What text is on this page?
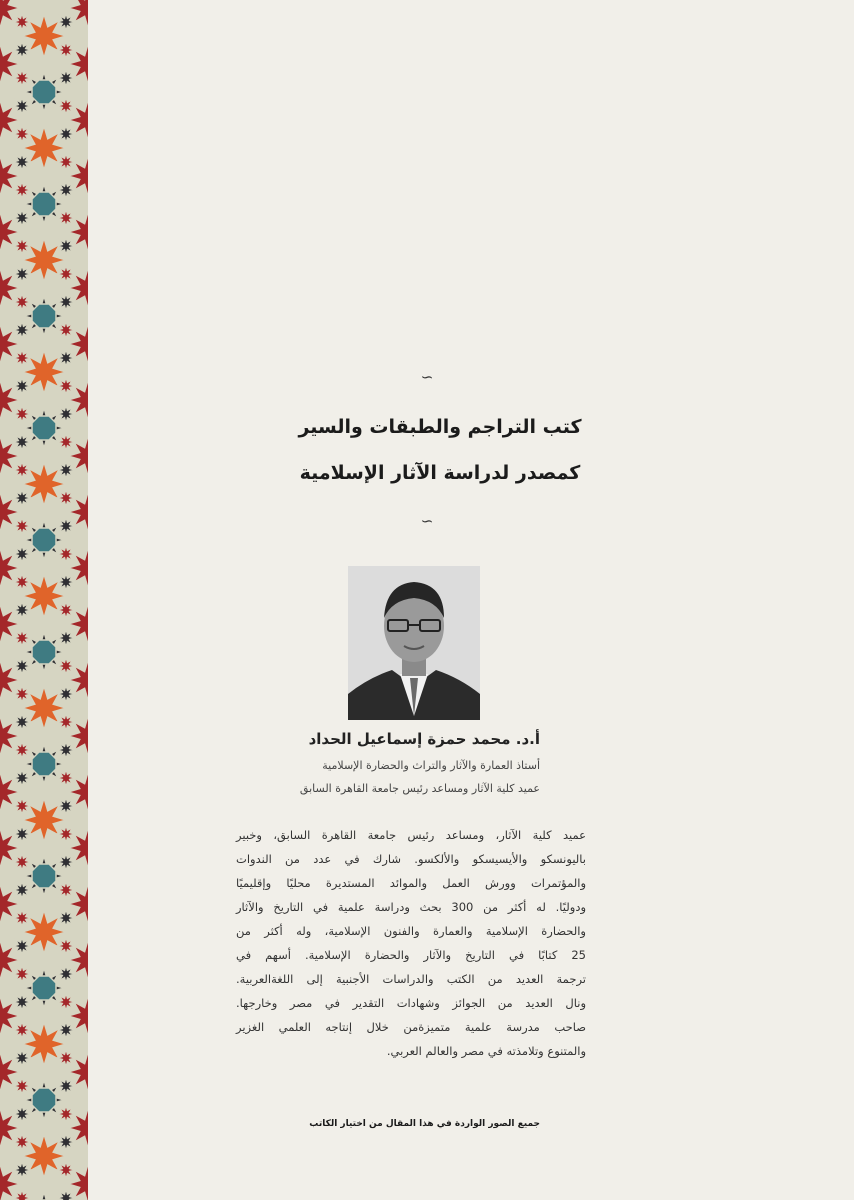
∽
كتب التراجم والطبقات والسير
كمصدر لدراسة الآثار الإسلامية
∽
أ.د. محمد حمزة إسماعيل الحداد
أستاذ العمارة والآثار والتراث والحضارة الإسلامية
عميد كلية الآثار ومساعد رئيس جامعة القاهرة السابق
عميد كلية الآثار، ومساعد رئيس جامعة القاهرة السابق، وخبير
باليونسكو والأيسيسكو والألكسو. شارك في عدد من الندوات
والمؤتمرات وورش العمل والموائد المستديرة محليًا وإقليميًا
ودوليًا. له أكثر من 300 بحث ودراسة علمية في التاريخ والآثار
والحضارة الإسلامية والعمارة والفنون الإسلامية، وله أكثر من
25 كتابًا في التاريخ والآثار والحضارة الإسلامية. أسهم في
ترجمة العديد من الكتب والدراسات الأجنبية إلى اللغةالعربية.
ونال العديد من الجوائز وشهادات التقدير في مصر وخارجها.
صاحب مدرسة علمية متميزةمن خلال إنتاجه العلمي الغزير
والمتنوع وتلامذته في مصر والعالم العربي.
جميع الصور الواردة في هذا المقال من اختيار الكاتب
